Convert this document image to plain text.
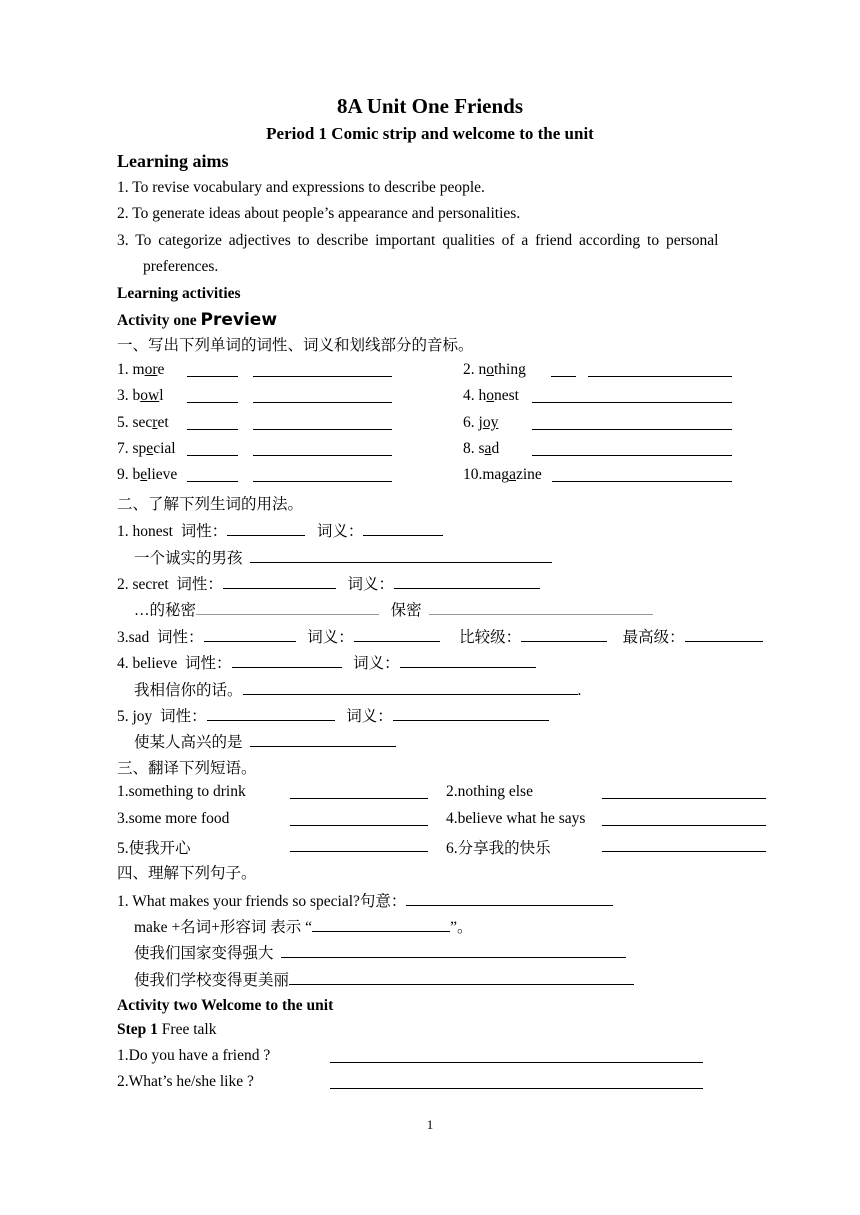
8A Unit One Friends
Period 1 Comic strip and welcome to the unit
Learning aims
1. To revise vocabulary and expressions to describe people.
2. To generate ideas about people’s appearance and personalities.
3. To categorize adjectives to describe important qualities of a friend according to personal
preferences.
Learning activities
Activity one Preview
一、写出下列单词的词性、词义和划线部分的音标。
1. more	2. nothing
3. bowl	4. honest
5. secret	6. joy
7. special	8. sad
9. believe	10.magazine
二、了解下列生词的用法。
1. honest 词性：	词义：
一个诚实的男孩
2. secret 词性：	词义：
…的秘密	保密
3.sad 词性：	词义：	比较级：	最高级：
4. believe 词性：	词义：
我相信你的话。	.
5. joy 词性：	词义：
使某人高兴的是
三、翻译下列短语。
1.something to drink	2.nothing else
3.some more food	4.believe what he says
5.使我开心	6.分享我的快乐
四、理解下列句子。
1. What makes your friends so special?句意：
make +名词+形容词 表示 “	”。
使我们国家变得强大
使我们学校变得更美丽
Activity two Welcome to the unit
Step 1 Free talk
1.Do you have a friend ?
2.What’s he/she like ?
1
